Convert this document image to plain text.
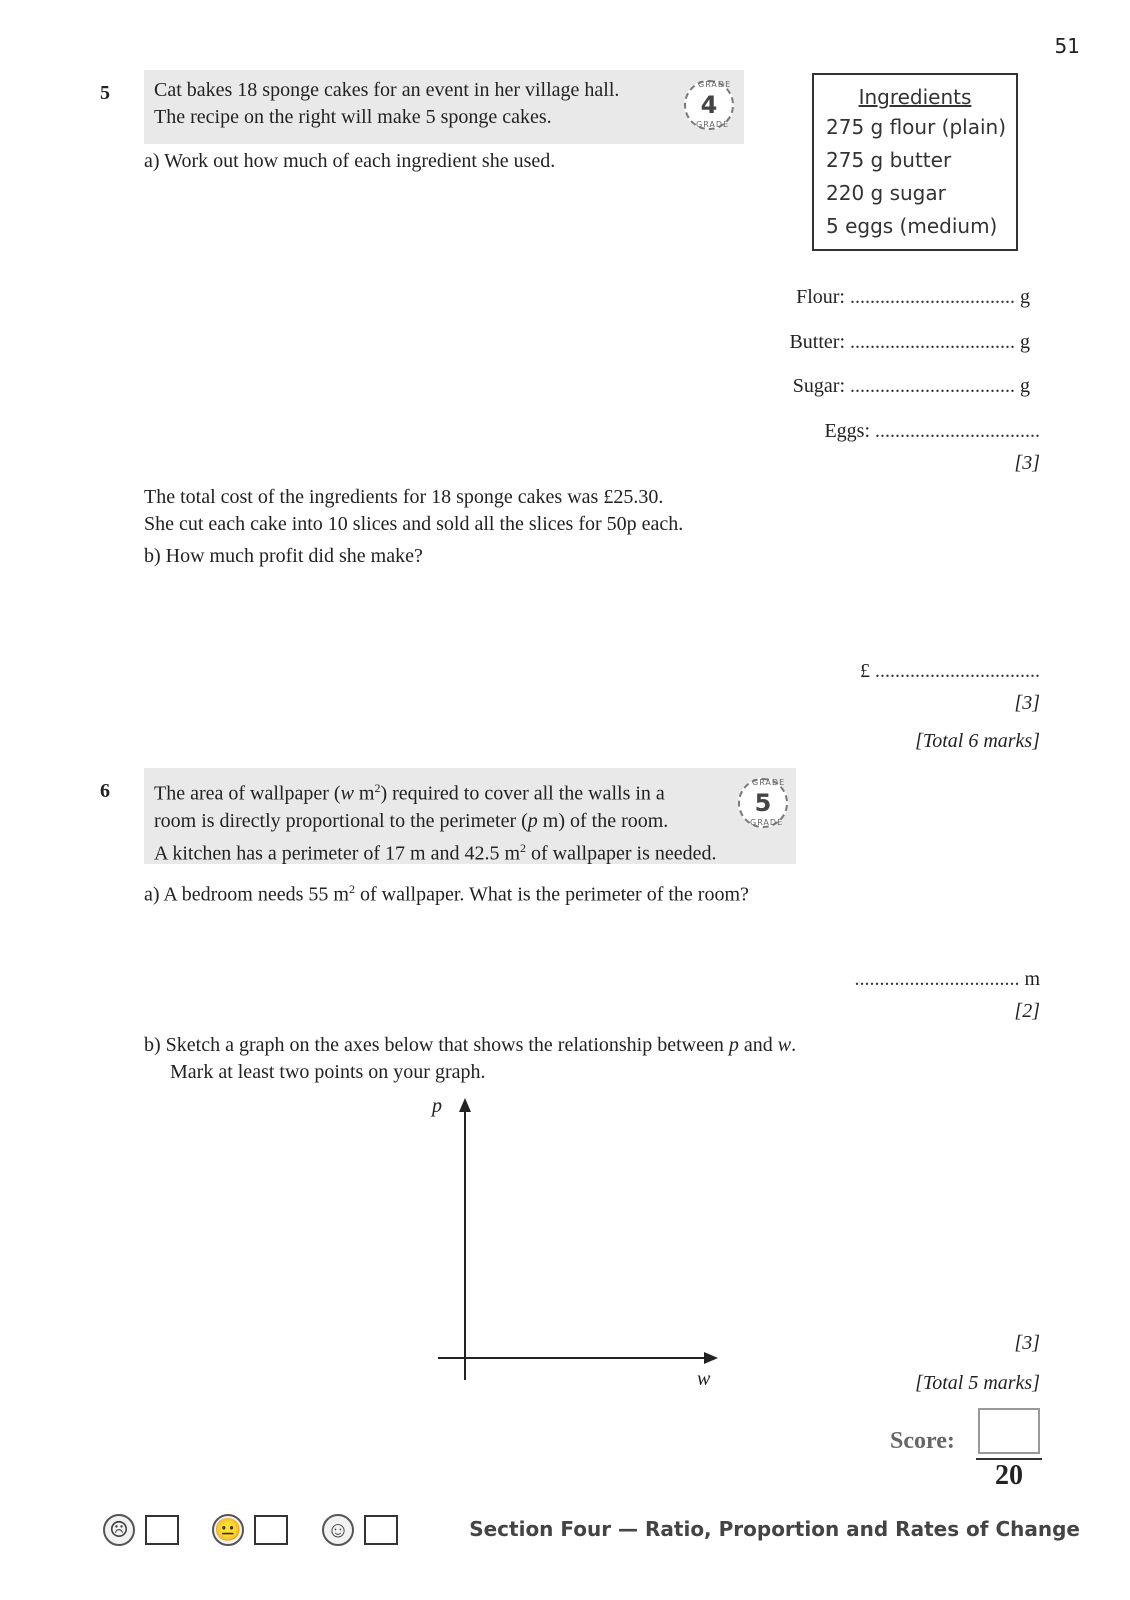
51
5 Cat bakes 18 sponge cakes for an event in her village hall.
The recipe on the right will make 5 sponge cakes.
GRADE
4
GRADE
a) Work out how much of each ingredient she used.
Ingredients
275 g flour (plain)
275 g butter
220 g sugar
5 eggs (medium)
Flour: ................................. g
Butter: ................................. g
Sugar: ................................. g
Eggs: .................................
[3]
The total cost of the ingredients for 18 sponge cakes was £25.30.
She cut each cake into 10 slices and sold all the slices for 50p each.
b) How much profit did she make?
£ .................................
[3]
[Total 6 marks]
6 The area of wallpaper (w $m^2$) required to cover all the walls in a
room is directly proportional to the perimeter (p m) of the room.
A kitchen has a perimeter of 17 m and 42.5 $m^2$ of wallpaper is needed.
GRADE
5
GRADE
a) A bedroom needs 55 $m^2$ of wallpaper. What is the perimeter of the room?
................................. m
[2]
b) Sketch a graph on the axes below that shows the relationship between p and w.
Mark at least two points on your graph.
p
w
[3]
[Total 5 marks]
Score:
20
☹	😐	☺	Section Four — Ratio, Proportion and Rates of Change
